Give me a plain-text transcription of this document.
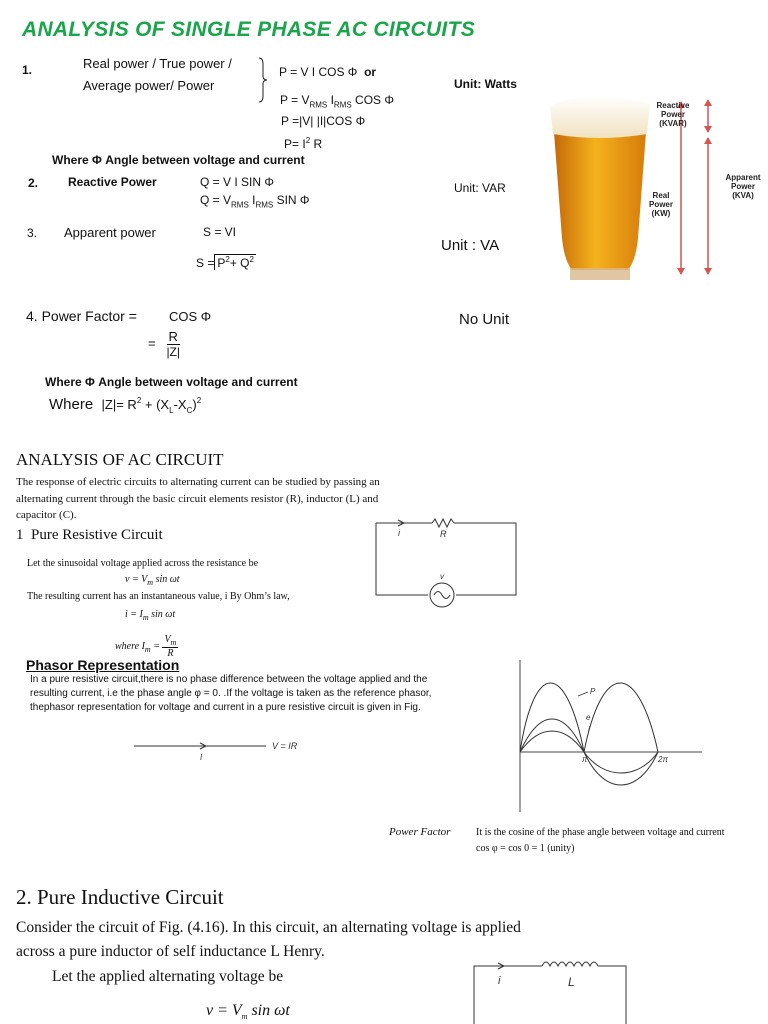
ANALYSIS OF SINGLE PHASE AC CIRCUITS
1.	Real power / True power /
Average power/ Power
P = V I COS Φ or
$P = V_{RMS}$ $I_{RMS}$ COS Φ
P =|V| |I|COS Φ
$P= I^2$ R
Unit: Watts
Where Φ Angle between voltage and current
2. Reactive Power	Q = V I SIN Φ
$Q = V_{RMS}$ $I_{RMS}$ SIN Φ
Unit: VAR
3. Apparent power	S = VI
$S = P^2+ Q^2$
Unit : VA
4. Power Factor = COS Φ
= $\frac{R}{|Z|}$
No Unit
Where Φ Angle between voltage and current
Where $|Z|= R^2 + (X_L-X_C)^2$
Reactive
Power
(KVAR)
Real
Power
(KW)
Apparent
Power
(KVA)
ANALYSIS OF AC CIRCUIT
The response of electric circuits to alternating current can be studied by passing an
alternating current through the basic circuit elements resistor (R), inductor (L) and
capacitor (C).
1 Pure Resistive Circuit
Let the sinusoidal voltage applied across the resistance be
$v = V_m$ sin ωt
The resulting current has an instantaneous value, i By Ohm’s law,
$i = I_m$ sin ωt
where $I_m = \frac{V_m}{R}$
i	R
v
Phasor Representation
In a pure resistive circuit,there is no phase difference between the voltage applied and the
resulting current, i.e the phase angle φ = 0. .If the voltage is taken as the reference phasor,
thephasor representation for voltage and current in a pure resistive circuit is given in Fig.
V = IR
I
P
e
i
π	2π
Power Factor	It is the cosine of the phase angle between voltage and current
cos φ = cos 0 = 1 (unity)
2. Pure Inductive Circuit
Consider the circuit of Fig. (4.16). In this circuit, an alternating voltage is applied
across a pure inductor of self inductance L Henry.
Let the applied alternating voltage be
$v = V_m$ sin ωt
i	L
